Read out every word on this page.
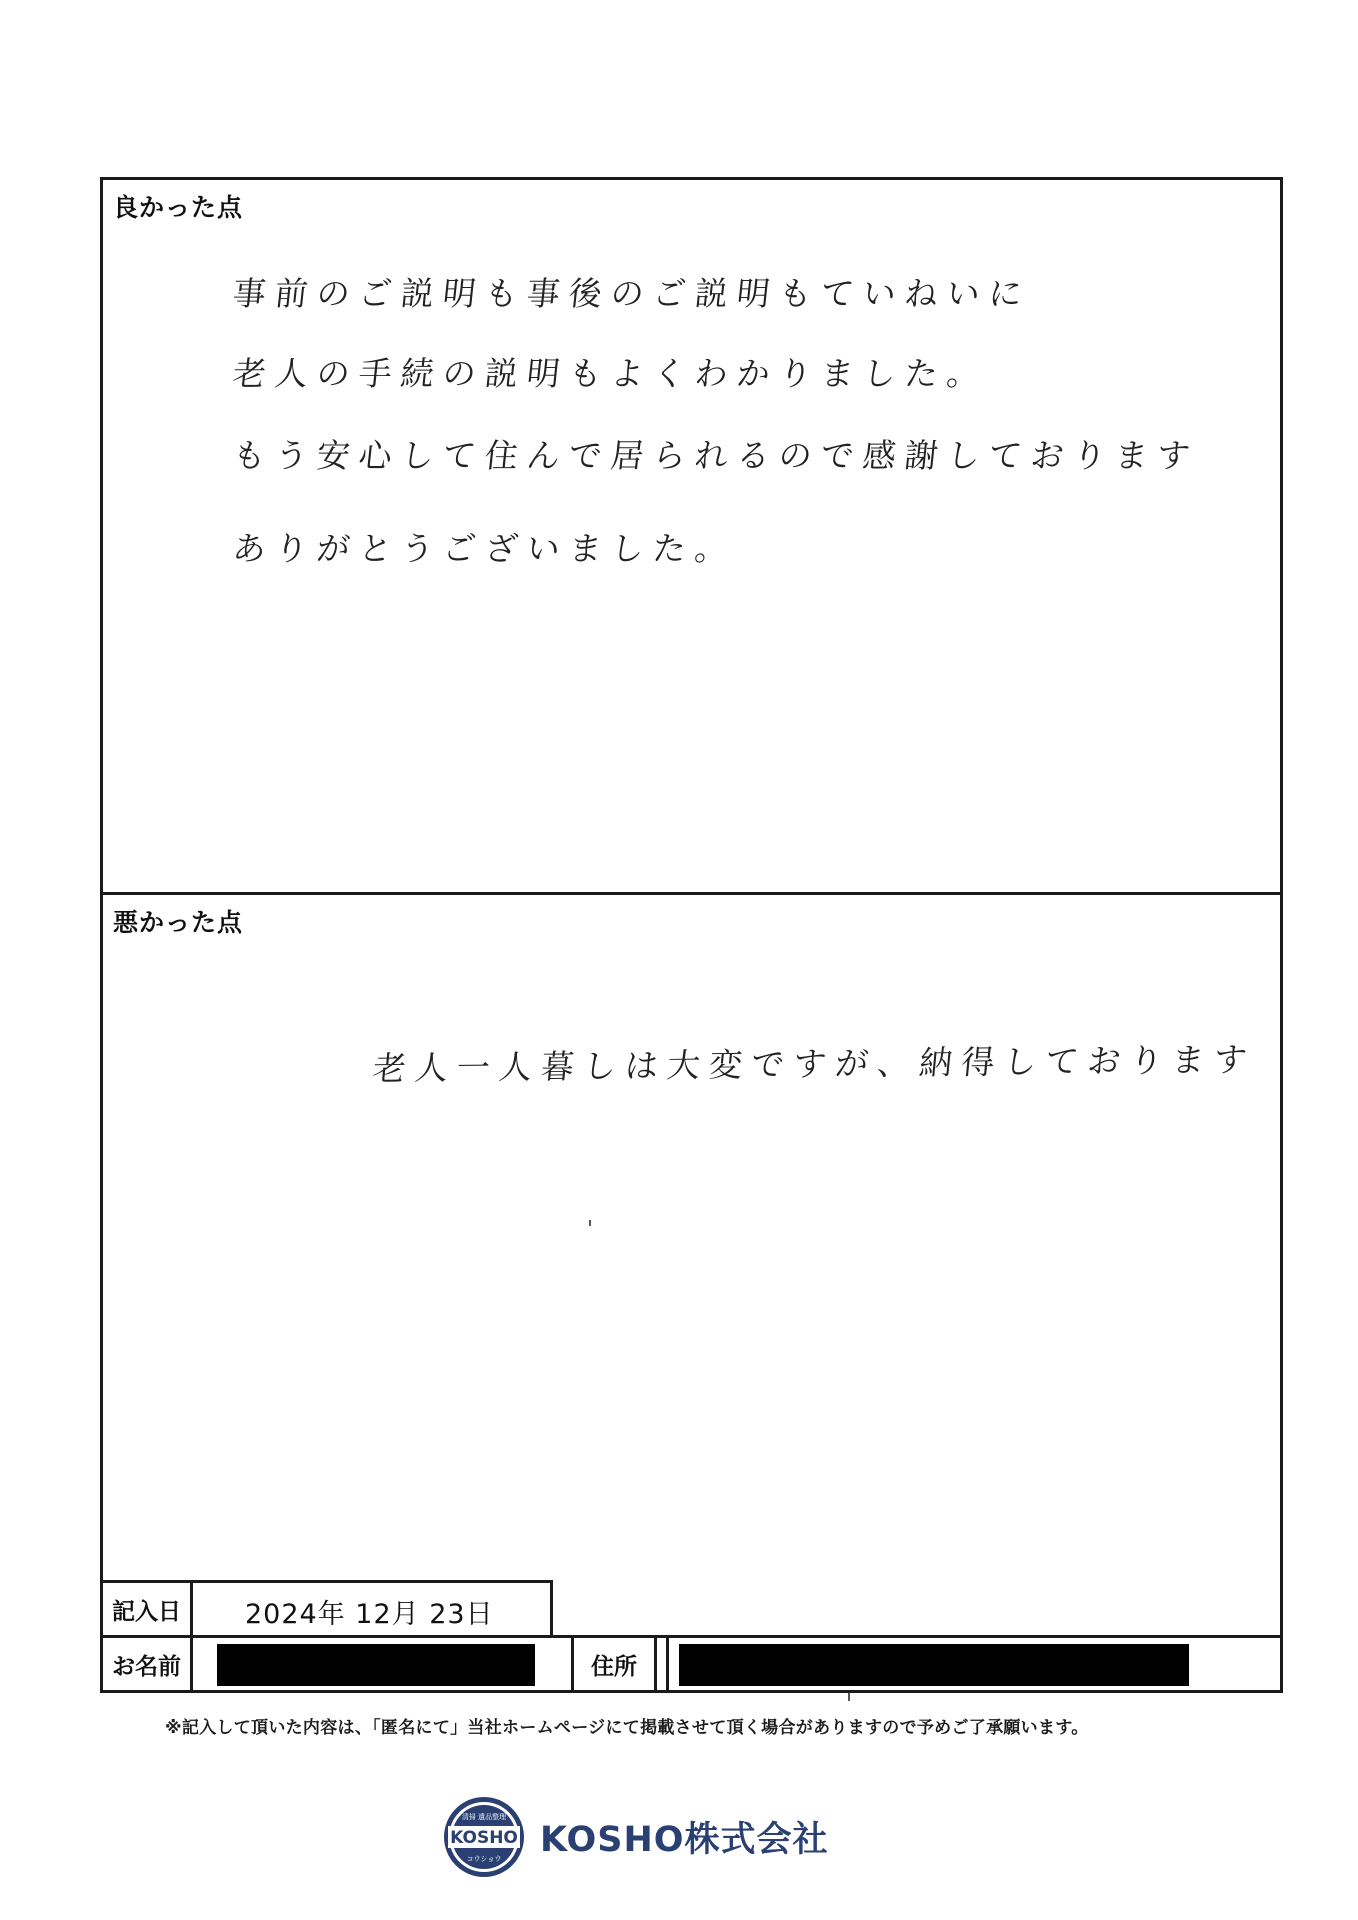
良かった点
事前のご説明も事後のご説明もていねいに
老人の手続の説明もよくわかりました。
もう安心して住んで居られるので感謝しております
ありがとうございました。
悪かった点
老人一人暮しは大変ですが、納得しております
記入日	2024年 12月 23日
お名前	住所
※記入して頂いた内容は、「匿名にて」当社ホームページにて掲載させて頂く場合がありますので予めご了承願います。
KOSHO
清掃 遺品整理
コウショウ KOSHO株式会社
